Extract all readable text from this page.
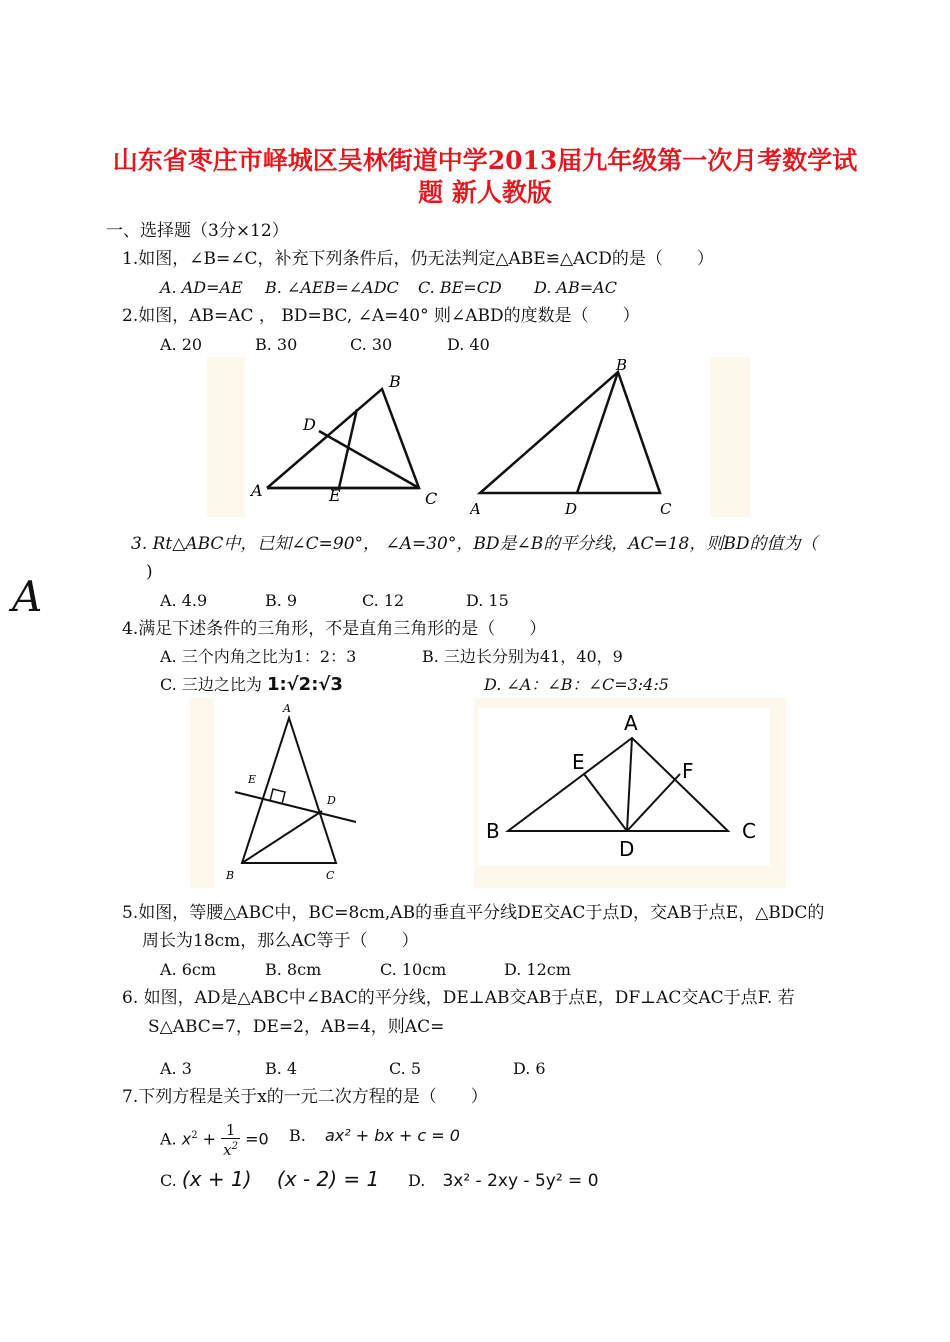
山东省枣庄市峄城区吴林街道中学2013届九年级第一次月考数学试
题 新人教版
一、选择题（3分×12）
A
1.如图，∠B=∠C，补充下列条件后，仍无法判定△ABE≌△ACD的是（　　）
A. AD=AE B. ∠AEB=∠ADC C. BE=CD D. AB=AC
2.如图，AB=AC ， BD=BC, ∠A=40° 则∠ABD的度数是（　　）
A. 20	B. 30	C. 30	D. 40
B
D
A	E	C
B
A	D	C
3. Rt△ABC中，已知∠C=90°， ∠A=30°，BD是∠B的平分线，AC=18，则BD的值为（
)
A. 4.9	B. 9	C. 12	D. 15
4.满足下述条件的三角形，不是直角三角形的是（　　）
A. 三个内角之比为1：2：3	B. 三边长分别为41，40，9
C. 三边之比为 1:√2:√3	D. ∠A：∠B：∠C=3:4:5
A
E
D
B	C
A
E	F
B
D
C
5.如图，等腰△ABC中，BC=8cm,AB的垂直平分线DE交AC于点D，交AB于点E，△BDC的
周长为18cm，那么AC等于（　　）
A. 6cm	B. 8cm	C. 10cm	D. 12cm
6. 如图，AD是△ABC中∠BAC的平分线，DE⊥AB交AB于点E，DF⊥AC交AC于点F. 若
S△ABC=7，DE=2，AB=4，则AC=
A. 3	B. 4	C. 5	D. 6
7.下列方程是关于x的一元二次方程的是（　　）
A. $x^2 + \frac{1}{x^2} =0$ B. ax² + bx + c = 0
C. (x + 1)    (x - 2) = 1 D. 3x² - 2xy - 5y² = 0
